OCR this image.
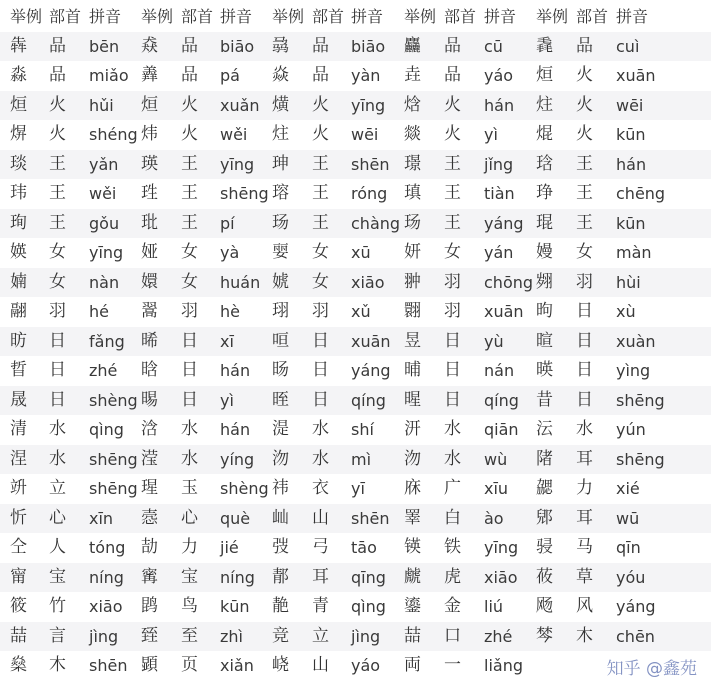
举例 部首 拼音 举例 部首 拼音 举例 部首 拼音 举例 部首 拼音 举例 部首 拼音
犇 品 bēn 猋 品 biāo 骉 品 biāo 麤 品 cū 毳 品 cuì
淼 品 miǎo 羴 品 pá 焱 品 yàn 垚 品 yáo 烜 火 xuān
烜 火 hǔi 烜 火 xuǎn 熿 火 yīng 焓 火 hán 炷 火 wēi
焺 火 shéng 炜 火 wěi 炷 火 wēi 燚 火 yì 焜 火 kūn
琰 王 yǎn 瑛 王 yīng 珅 王 shēn 璟 王 jǐng 琀 王 hán
玮 王 wěi 珄 王 shēng 瑢 王 róng 瑱 王 tiàn 琤 王 chēng
珣 王 gǒu 玭 王 pí 玚 王 chàng 玚 王 yáng 琨 王 kūn
媖 女 yīng 娅 女 yà 婯 女 xū 妍 女 yán 嫚 女 màn
婻 女 nàn 嬛 女 huán 婋 女 xiāo 翀 羽 chōng 翙 羽 hùi
翮 羽 hé 翯 羽 hè 珝 羽 xǔ 翾 羽 xuān 昫 日 xù
昉 日 fǎng 晞 日 xī 咺 日 xuān 昱 日 yù 暄 日 xuàn
晢 日 zhé 晗 日 hán 旸 日 yáng 晡 日 nán 暎 日 yìng
晟 日 shèng 晹 日 yì 晊 日 qíng 暒 日 qíng 昔 日 shēng
清 水 qìng 浛 水 hán 湜 水 shí 汧 水 qiān 沄 水 yún
涅 水 shēng 滢 水 yíng 沕 水 mì 沕 水 wù 陼 耳 shēng
竔 立 shēng 瑆 玉 shèng 祎 衣 yī 庥 广 xīu 勰 力 xié
忻 心 xīn 悫 心 què 屾 山 shēn 睪 白 ào 郳 耳 wū
仝 人 tóng 劼 力 jié 弢 弓 tāo 锳 铁 yīng 骎 马 qīn
甯 宝 níng 寗 宝 níng 郬 耳 qīng 虤 虎 xiāo 莜 草 yóu
筱 竹 xiāo 鹍 鸟 kūn 靘 青 qìng 鎏 金 liú 飏 风 yáng
喆 言 jìng 臸 至 zhì 竞 立 jìng 喆 口 zhé 棽 木 chēn
燊 木 shēn 顕 页 xiǎn 峣 山 yáo 両 一 liǎng	知乎 @鑫苑
